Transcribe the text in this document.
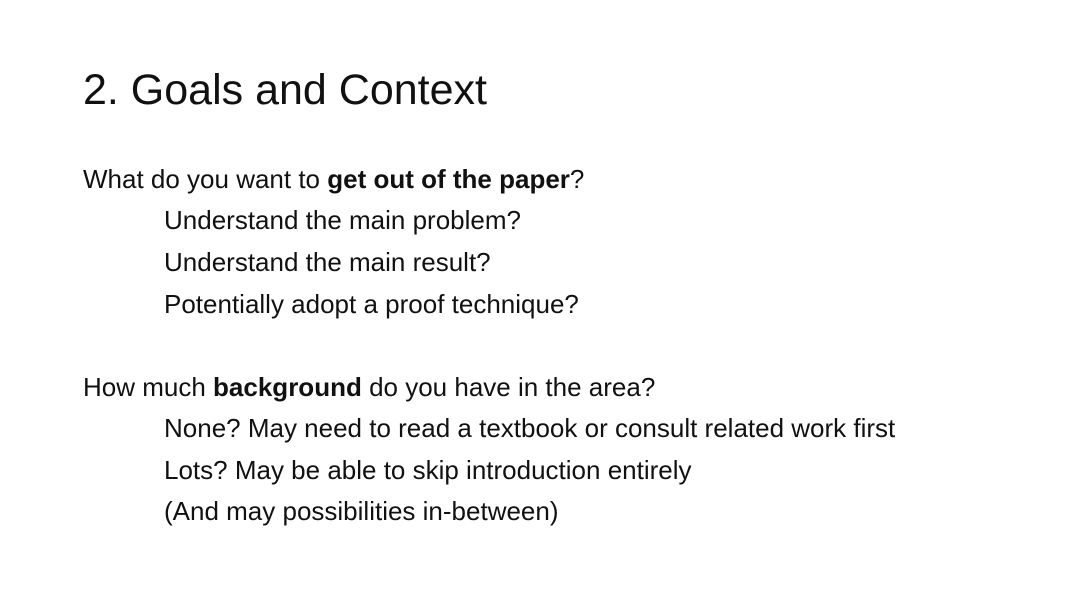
2. Goals and Context

What do you want to get out of the paper?

Understand the main problem?

Understand the main result?

Potentially adopt a proof technique?

How much background do you have in the area?

None? May need to read a textbook or consult related work first

Lots? May be able to skip introduction entirely

(And may possibilities in-between)
